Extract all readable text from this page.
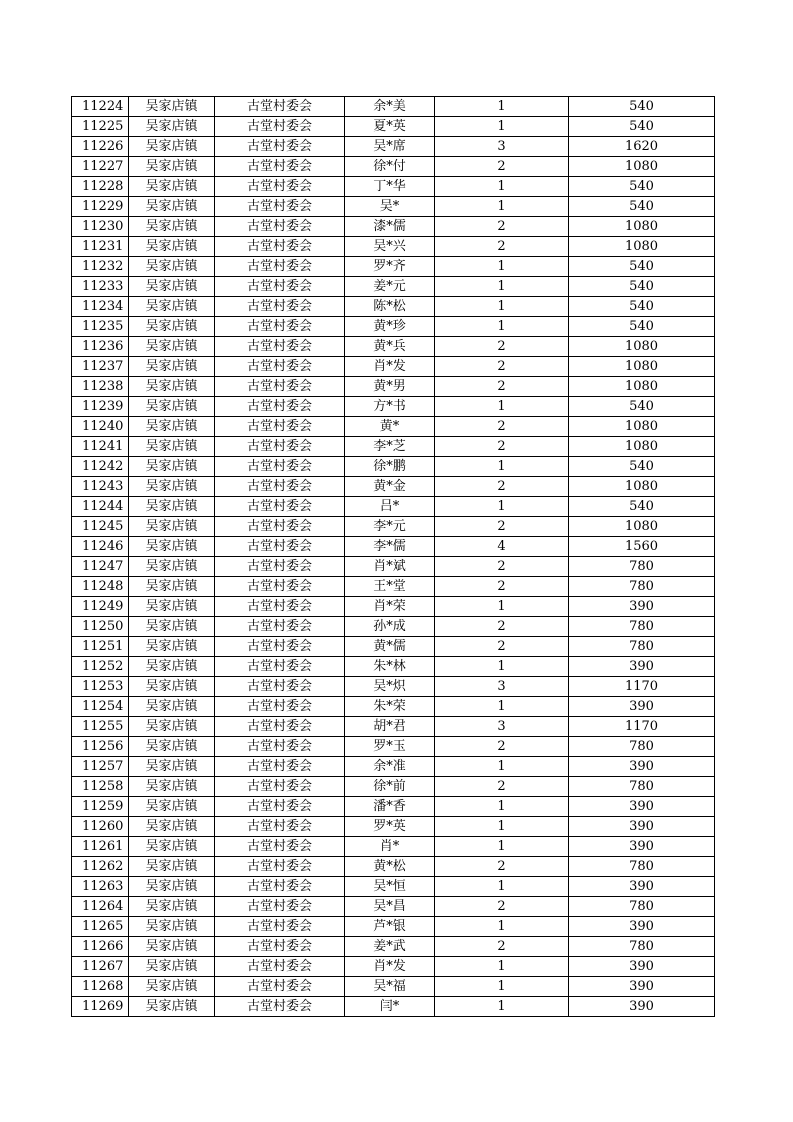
11224	吴家店镇	古堂村委会	余*美	1	540
11225	吴家店镇	古堂村委会	夏*英	1	540
11226	吴家店镇	古堂村委会	吴*席	3	1620
11227	吴家店镇	古堂村委会	徐*付	2	1080
11228	吴家店镇	古堂村委会	丁*华	1	540
11229	吴家店镇	古堂村委会	吴*	1	540
11230	吴家店镇	古堂村委会	漆*儒	2	1080
11231	吴家店镇	古堂村委会	吴*兴	2	1080
11232	吴家店镇	古堂村委会	罗*齐	1	540
11233	吴家店镇	古堂村委会	姜*元	1	540
11234	吴家店镇	古堂村委会	陈*松	1	540
11235	吴家店镇	古堂村委会	黄*珍	1	540
11236	吴家店镇	古堂村委会	黄*兵	2	1080
11237	吴家店镇	古堂村委会	肖*发	2	1080
11238	吴家店镇	古堂村委会	黄*男	2	1080
11239	吴家店镇	古堂村委会	方*书	1	540
11240	吴家店镇	古堂村委会	黄*	2	1080
11241	吴家店镇	古堂村委会	李*芝	2	1080
11242	吴家店镇	古堂村委会	徐*鹏	1	540
11243	吴家店镇	古堂村委会	黄*金	2	1080
11244	吴家店镇	古堂村委会	吕*	1	540
11245	吴家店镇	古堂村委会	李*元	2	1080
11246	吴家店镇	古堂村委会	李*儒	4	1560
11247	吴家店镇	古堂村委会	肖*斌	2	780
11248	吴家店镇	古堂村委会	王*堂	2	780
11249	吴家店镇	古堂村委会	肖*荣	1	390
11250	吴家店镇	古堂村委会	孙*成	2	780
11251	吴家店镇	古堂村委会	黄*儒	2	780
11252	吴家店镇	古堂村委会	朱*林	1	390
11253	吴家店镇	古堂村委会	吴*炽	3	1170
11254	吴家店镇	古堂村委会	朱*荣	1	390
11255	吴家店镇	古堂村委会	胡*君	3	1170
11256	吴家店镇	古堂村委会	罗*玉	2	780
11257	吴家店镇	古堂村委会	余*准	1	390
11258	吴家店镇	古堂村委会	徐*前	2	780
11259	吴家店镇	古堂村委会	潘*香	1	390
11260	吴家店镇	古堂村委会	罗*英	1	390
11261	吴家店镇	古堂村委会	肖*	1	390
11262	吴家店镇	古堂村委会	黄*松	2	780
11263	吴家店镇	古堂村委会	吴*恒	1	390
11264	吴家店镇	古堂村委会	吴*昌	2	780
11265	吴家店镇	古堂村委会	芦*银	1	390
11266	吴家店镇	古堂村委会	姜*武	2	780
11267	吴家店镇	古堂村委会	肖*发	1	390
11268	吴家店镇	古堂村委会	吴*福	1	390
11269	吴家店镇	古堂村委会	闫*	1	390
